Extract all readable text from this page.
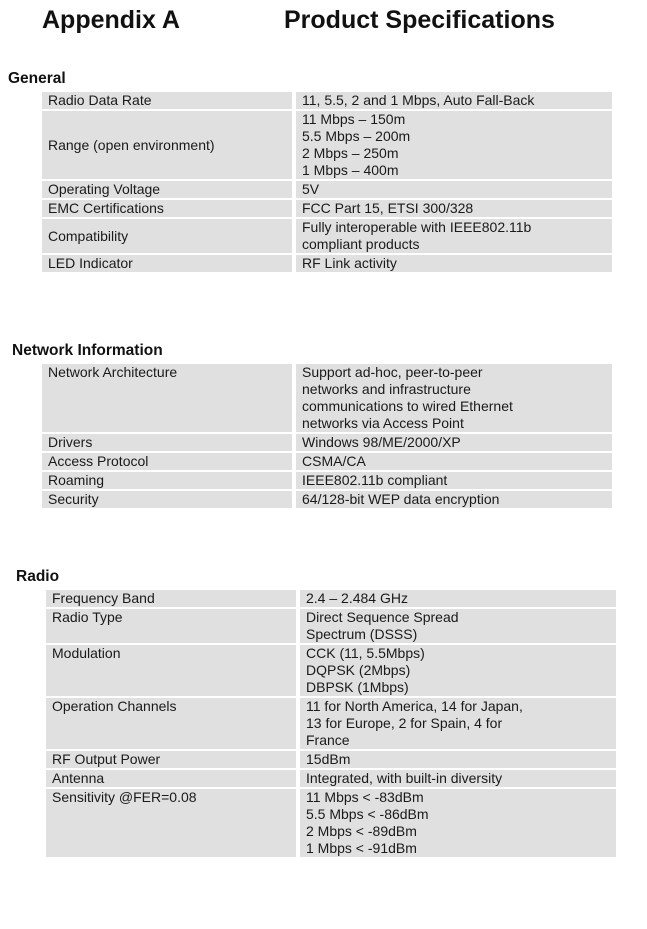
Appendix A	Product Specifications
General
Radio Data Rate		11, 5.5, 2 and 1 Mbps, Auto Fall-Back

Range (open environment)		11 Mbps – 150m
5.5 Mbps – 200m
2 Mbps – 250m
1 Mbps – 400m

Operating Voltage		5V

EMC Certifications		FCC Part 15, ETSI 300/328

Compatibility		Fully interoperable with IEEE802.11b
compliant products

LED Indicator		RF Link activity
Network Information
Network Architecture		Support ad-hoc, peer-to-peer
networks and infrastructure
communications to wired Ethernet
networks via Access Point

Drivers		Windows 98/ME/2000/XP

Access Protocol		CSMA/CA

Roaming		IEEE802.11b compliant

Security		64/128-bit WEP data encryption
Radio
Frequency Band		2.4 – 2.484 GHz

Radio Type		Direct Sequence Spread
Spectrum (DSSS)

Modulation		CCK (11, 5.5Mbps)
DQPSK (2Mbps)
DBPSK (1Mbps)

Operation Channels		11 for North America, 14 for Japan,
13 for Europe, 2 for Spain, 4 for
France

RF Output Power		15dBm

Antenna		Integrated, with built-in diversity

Sensitivity @FER=0.08		11 Mbps < -83dBm
5.5 Mbps < -86dBm
2 Mbps < -89dBm
1 Mbps < -91dBm
